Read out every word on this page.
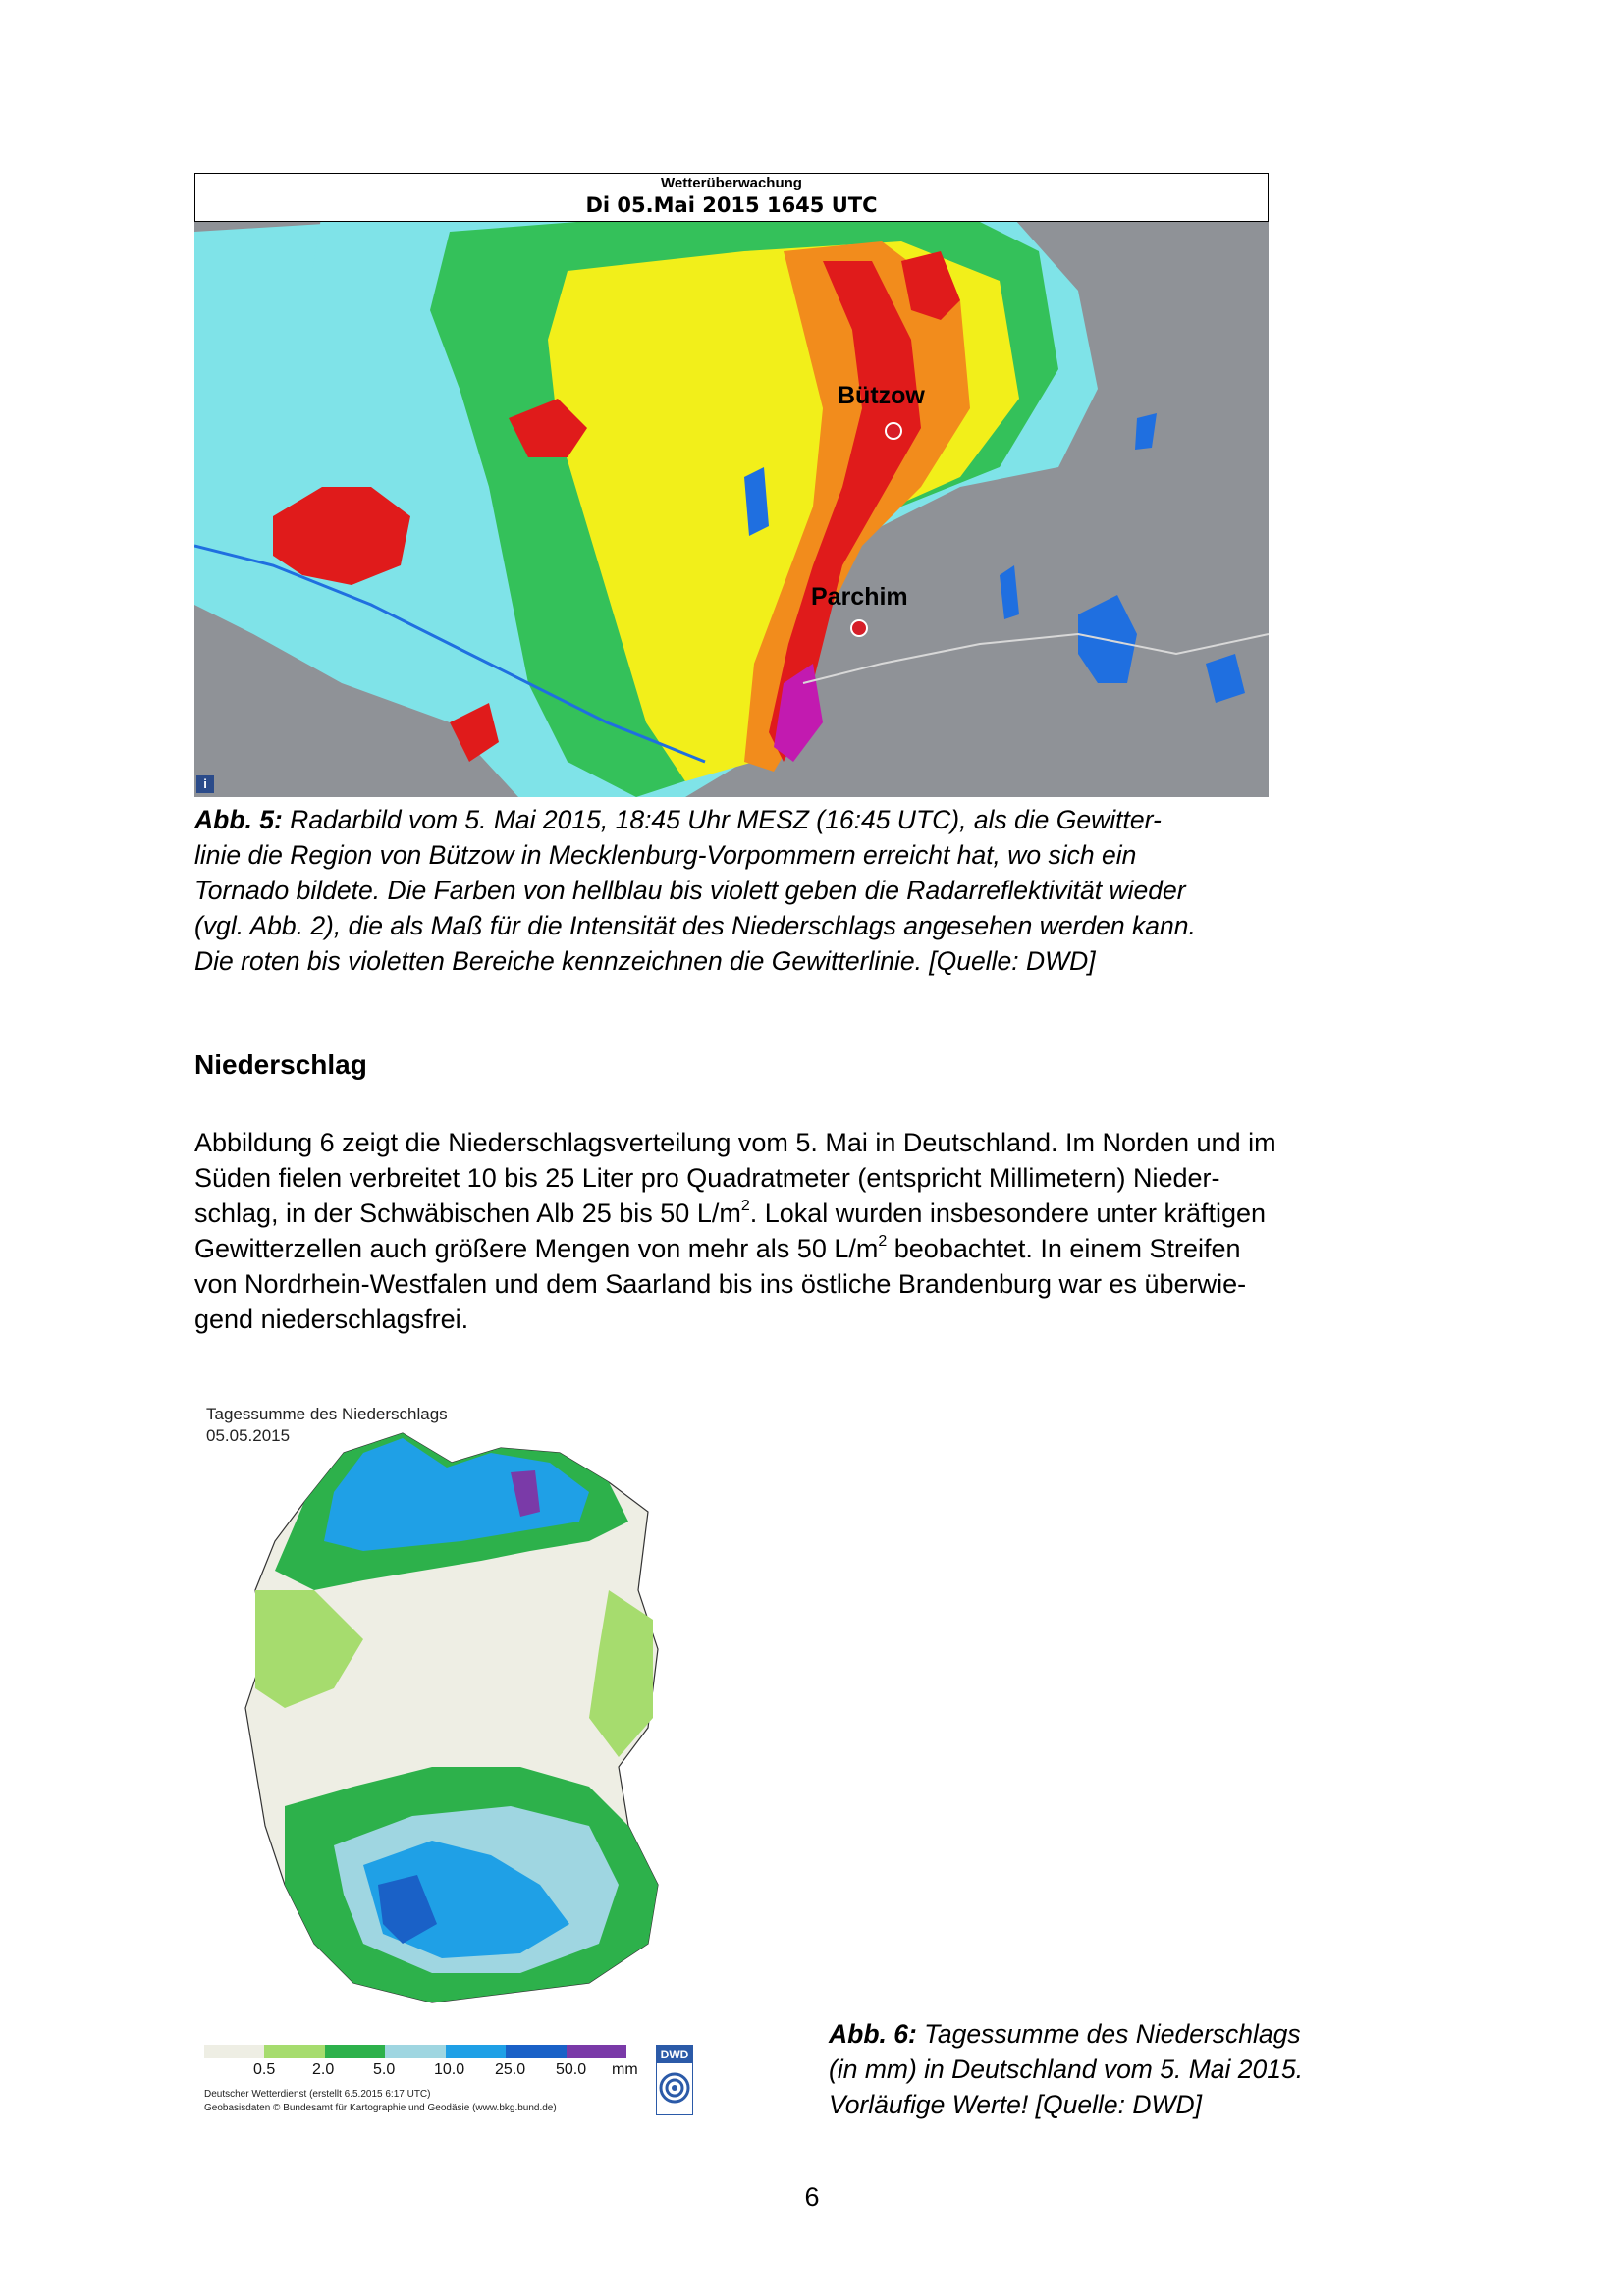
Wetterüberwachung
Di 05.Mai 2015 1645 UTC
Bützow
Parchim
i
Abb. 5: Radarbild vom 5. Mai 2015, 18:45 Uhr MESZ (16:45 UTC), als die Gewitter-
linie die Region von Bützow in Mecklenburg-Vorpommern erreicht hat, wo sich ein
Tornado bildete. Die Farben von hellblau bis violett geben die Radarreflektivität wieder
(vgl. Abb. 2), die als Maß für die Intensität des Niederschlags angesehen werden kann.
Die roten bis violetten Bereiche kennzeichnen die Gewitterlinie. [Quelle: DWD]
Niederschlag
Abbildung 6 zeigt die Niederschlagsverteilung vom 5. Mai in Deutschland. Im Norden und im
Süden fielen verbreitet 10 bis 25 Liter pro Quadratmeter (entspricht Millimetern) Nieder-
schlag, in der Schwäbischen Alb 25 bis 50 $L/m^2$. Lokal wurden insbesondere unter kräftigen
Gewitterzellen auch größere Mengen von mehr als 50 $L/m^2$ beobachtet. In einem Streifen
von Nordrhein-Westfalen und dem Saarland bis ins östliche Brandenburg war es überwie-
gend niederschlagsfrei.
Tagessumme des Niederschlags
05.05.2015
0.5 2.0 5.0 10.0 25.0 50.0 mm
Deutscher Wetterdienst (erstellt 6.5.2015 6:17 UTC)
Geobasisdaten © Bundesamt für Kartographie und Geodäsie (www.bkg.bund.de)
DWD
Abb. 6: Tagessumme des Niederschlags
(in mm) in Deutschland vom 5. Mai 2015.
Vorläufige Werte! [Quelle: DWD]
6
